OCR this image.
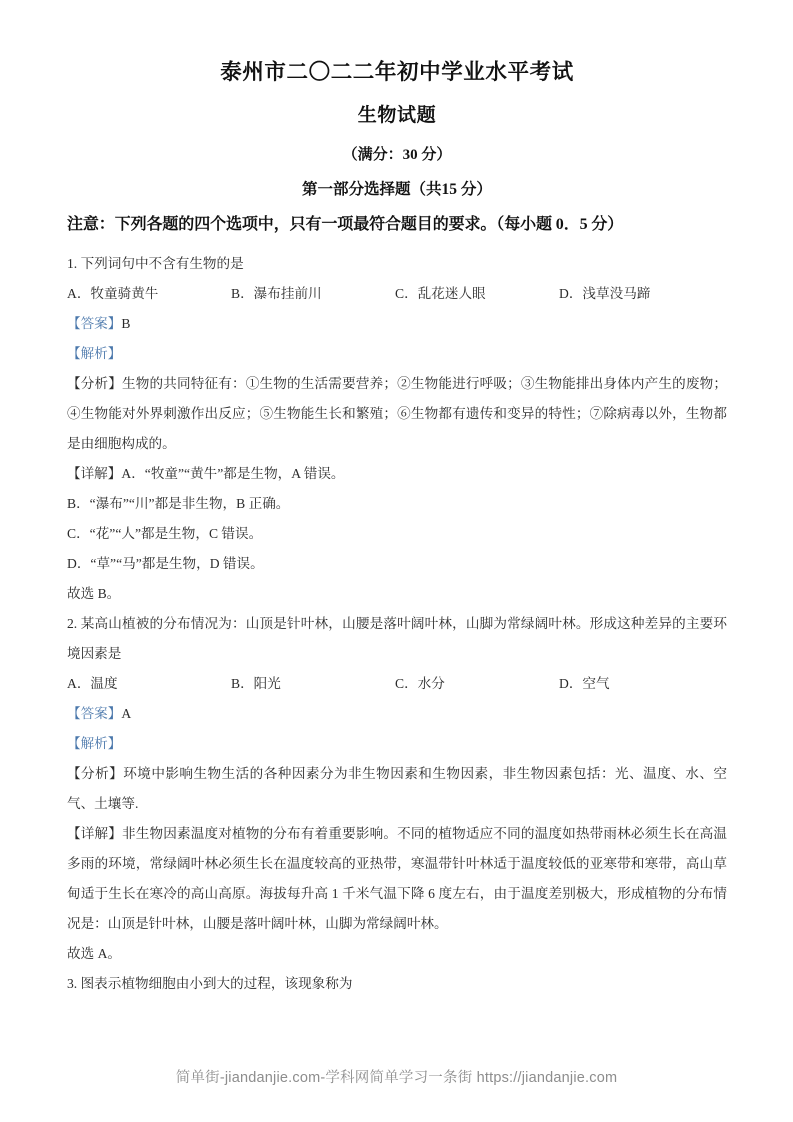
泰州市二〇二二年初中学业水平考试
生物试题
（满分：30 分）
第一部分选择题（共15 分）
注意：下列各题的四个选项中，只有一项最符合题目的要求。（每小题 0．5 分）

1. 下列词句中不含有生物的是

A．牧童骑黄牛	B．瀑布挂前川	C．乱花迷人眼	D．浅草没马蹄

【答案】B

【解析】

【分析】生物的共同特征有：①生物的生活需要营养；②生物能进行呼吸；③生物能排出身体内产生的废物；④生物能对外界刺激作出反应；⑤生物能生长和繁殖；⑥生物都有遗传和变异的特性；⑦除病毒以外，生物都是由细胞构成的。

【详解】A．“牧童”“黄牛”都是生物，A 错误。

B．“瀑布”“川”都是非生物，B 正确。

C．“花”“人”都是生物，C 错误。

D．“草”“马”都是生物，D 错误。

故选 B。

2. 某高山植被的分布情况为：山顶是针叶林，山腰是落叶阔叶林，山脚为常绿阔叶林。形成这种差异的主要环境因素是

A．温度	B．阳光	C．水分	D．空气

【答案】A

【解析】

【分析】环境中影响生物生活的各种因素分为非生物因素和生物因素，非生物因素包括：光、温度、水、空气、土壤等.

【详解】非生物因素温度对植物的分布有着重要影响。不同的植物适应不同的温度如热带雨林必须生长在高温多雨的环境，常绿阔叶林必须生长在温度较高的亚热带，寒温带针叶林适于温度较低的亚寒带和寒带，高山草甸适于生长在寒冷的高山高原。海拔每升高 1 千米气温下降 6 度左右，由于温度差别极大，形成植物的分布情况是：山顶是针叶林，山腰是落叶阔叶林，山脚为常绿阔叶林。

故选 A。

3. 图表示植物细胞由小到大的过程，该现象称为

简单街-jiandanjie.com-学科网简单学习一条街 https://jiandanjie.com
